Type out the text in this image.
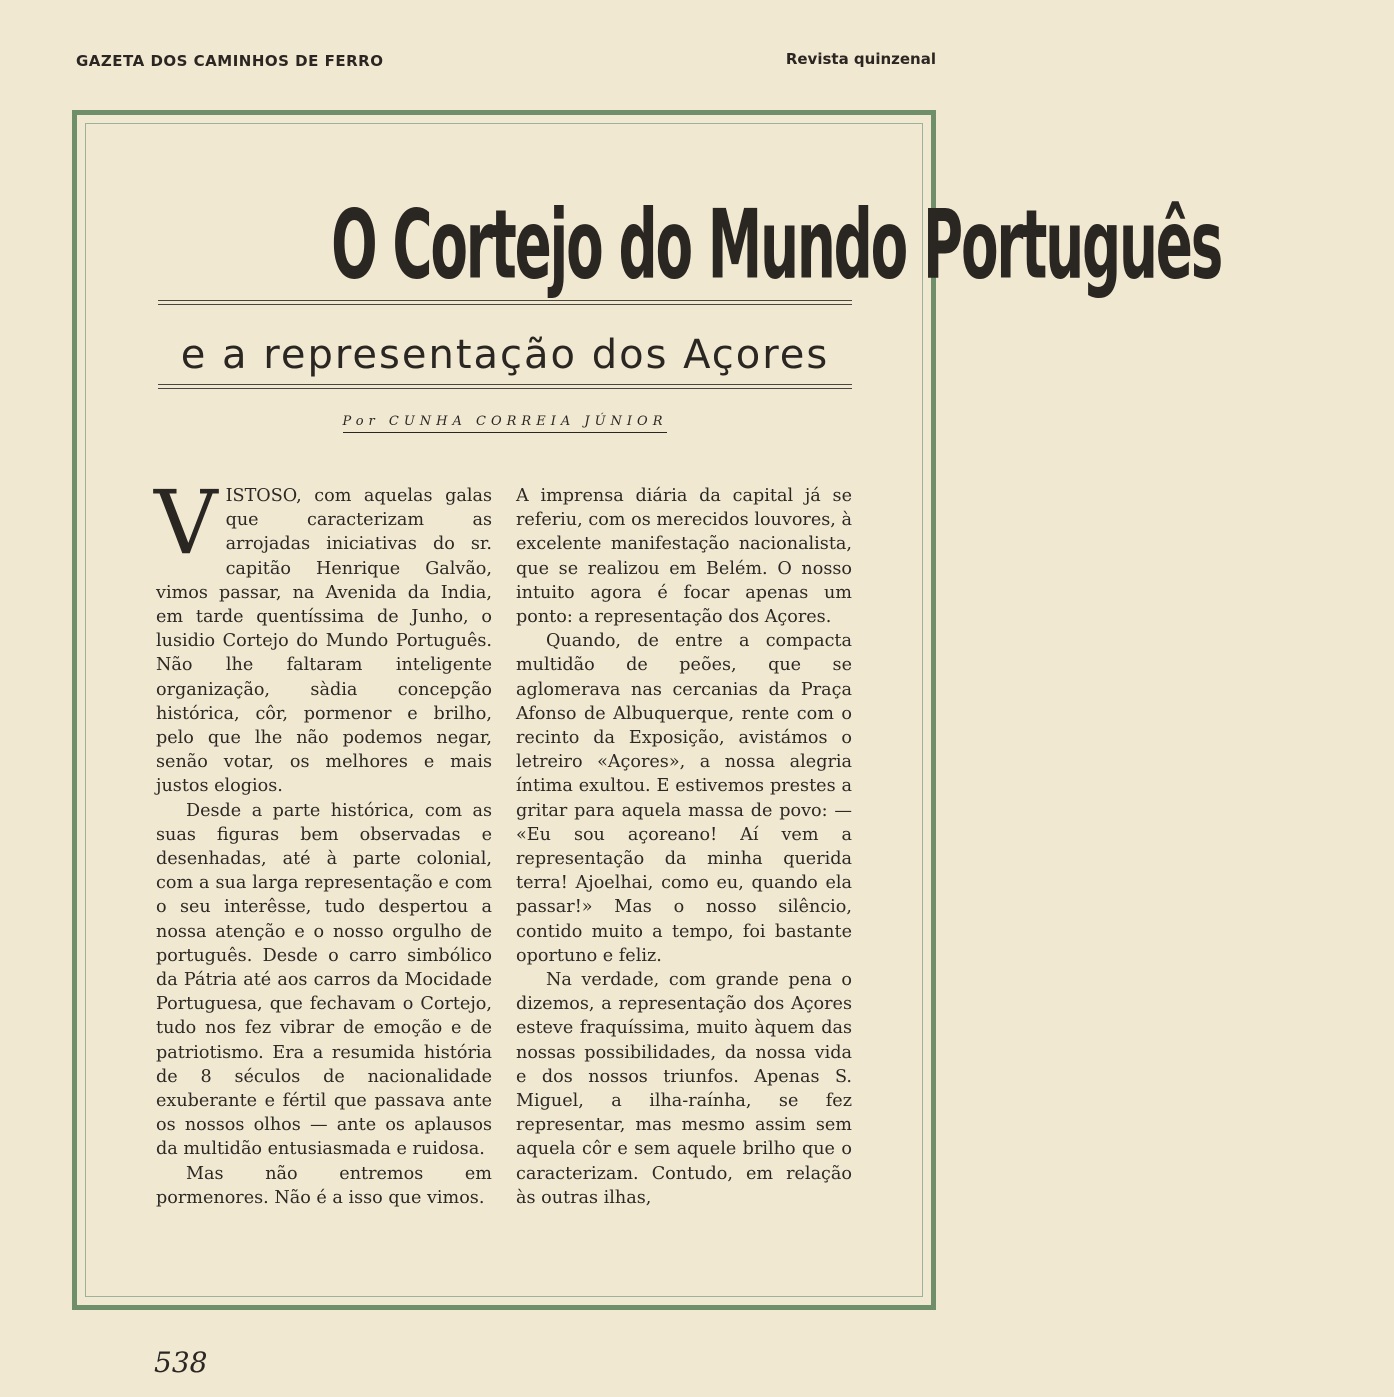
GAZETA DOS CAMINHOS DE FERRO	Revista quinzenal
O Cortejo do Mundo Português
e a representação dos Açores
Por CUNHA CORREIA JÚNIOR

V ISTOSO, com aquelas galas que caracterizam as arrojadas iniciativas do sr. capitão Henrique Galvão, vimos passar, na Avenida da India, em tarde quentíssima de Junho, o lusidio Cortejo do Mundo Português. Não lhe faltaram inteligente organização, sàdia concepção histórica, côr, pormenor e brilho, pelo que lhe não podemos negar, senão votar, os melhores e mais justos elogios.

Desde a parte histórica, com as suas figuras bem observadas e desenhadas, até à parte colonial, com a sua larga representação e com o seu interêsse, tudo despertou a nossa atenção e o nosso orgulho de português. Desde o carro simbólico da Pátria até aos carros da Mocidade Portuguesa, que fechavam o Cortejo, tudo nos fez vibrar de emoção e de patriotismo. Era a resumida história de 8 séculos de nacionalidade exuberante e fértil que passava ante os nossos olhos — ante os aplausos da multidão entusiasmada e ruidosa.

Mas não entremos em pormenores. Não é a isso que vimos.

A imprensa diária da capital já se referiu, com os merecidos louvores, à excelente manifestação nacionalista, que se realizou em Belém. O nosso intuito agora é focar apenas um ponto: a representação dos Açores.

Quando, de entre a compacta multidão de peões, que se aglomerava nas cercanias da Praça Afonso de Albuquerque, rente com o recinto da Exposição, avistámos o letreiro «Açores», a nossa alegria íntima exultou. E estivemos prestes a gritar para aquela massa de povo: — «Eu sou açoreano! Aí vem a representação da minha querida terra! Ajoelhai, como eu, quando ela passar!» Mas o nosso silêncio, contido muito a tempo, foi bastante oportuno e feliz.

Na verdade, com grande pena o dizemos, a representação dos Açores esteve fraquíssima, muito àquem das nossas possibilidades, da nossa vida e dos nossos triunfos. Apenas S. Miguel, a ilha-raínha, se fez representar, mas mesmo assim sem aquela côr e sem aquele brilho que o caracterizam. Contudo, em relação às outras ilhas,

538
